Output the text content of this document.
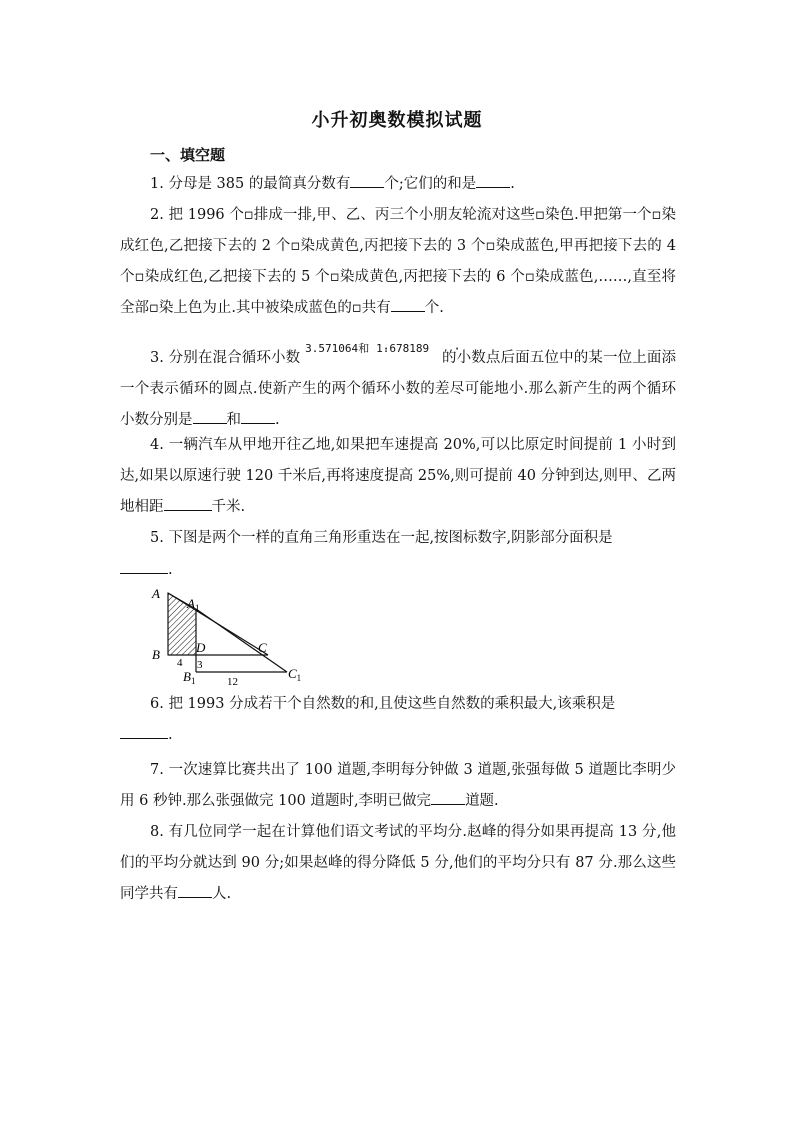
小升初奥数模拟试题
一、填空题
1. 分母是 385 的最简真分数有 个;它们的和是 .
2. 把 1996 个▫排成一排,甲、乙、丙三个小朋友轮流对这些▫染色.甲把第一个▫染成红色,乙把接下去的 2 个▫染成黄色,丙把接下去的 3 个▫染成蓝色,甲再把接下去的 4 个▫染成红色,乙把接下去的 5 个▫染成黄色,丙把接下去的 6 个▫染成蓝色,……,直至将全部▫染上色为止.其中被染成蓝色的▫共有 个.
3. 分别在混合循环小数 $^{3.57106\cdot 4和 1.67818\cdot 9}$ 的小数点后面五位中的某一位上面添一个表示循环的圆点.使新产生的两个循环小数的差尽可能地小.那么新产生的两个循环小数分别是 和 .
4. 一辆汽车从甲地开往乙地,如果把车速提高 20%,可以比原定时间提前 1 小时到达,如果以原速行驶 120 千米后,再将速度提高 25%,则可提前 40 分钟到达,则甲、乙两地相距	千米.
5. 下图是两个一样的直角三角形重迭在一起,按图标数字,阴影部分面积是
.
A
$A_1$
B
$B_1$
C
$C_1$
D
4 3
12
6. 把 1993 分成若干个自然数的和,且使这些自然数的乘积最大,该乘积是
.
7. 一次速算比赛共出了 100 道题,李明每分钟做 3 道题,张强每做 5 道题比李明少用 6 秒钟.那么张强做完 100 道题时,李明已做完 道题.
8. 有几位同学一起在计算他们语文考试的平均分.赵峰的得分如果再提高 13 分,他们的平均分就达到 90 分;如果赵峰的得分降低 5 分,他们的平均分只有 87 分.那么这些同学共有 人.
